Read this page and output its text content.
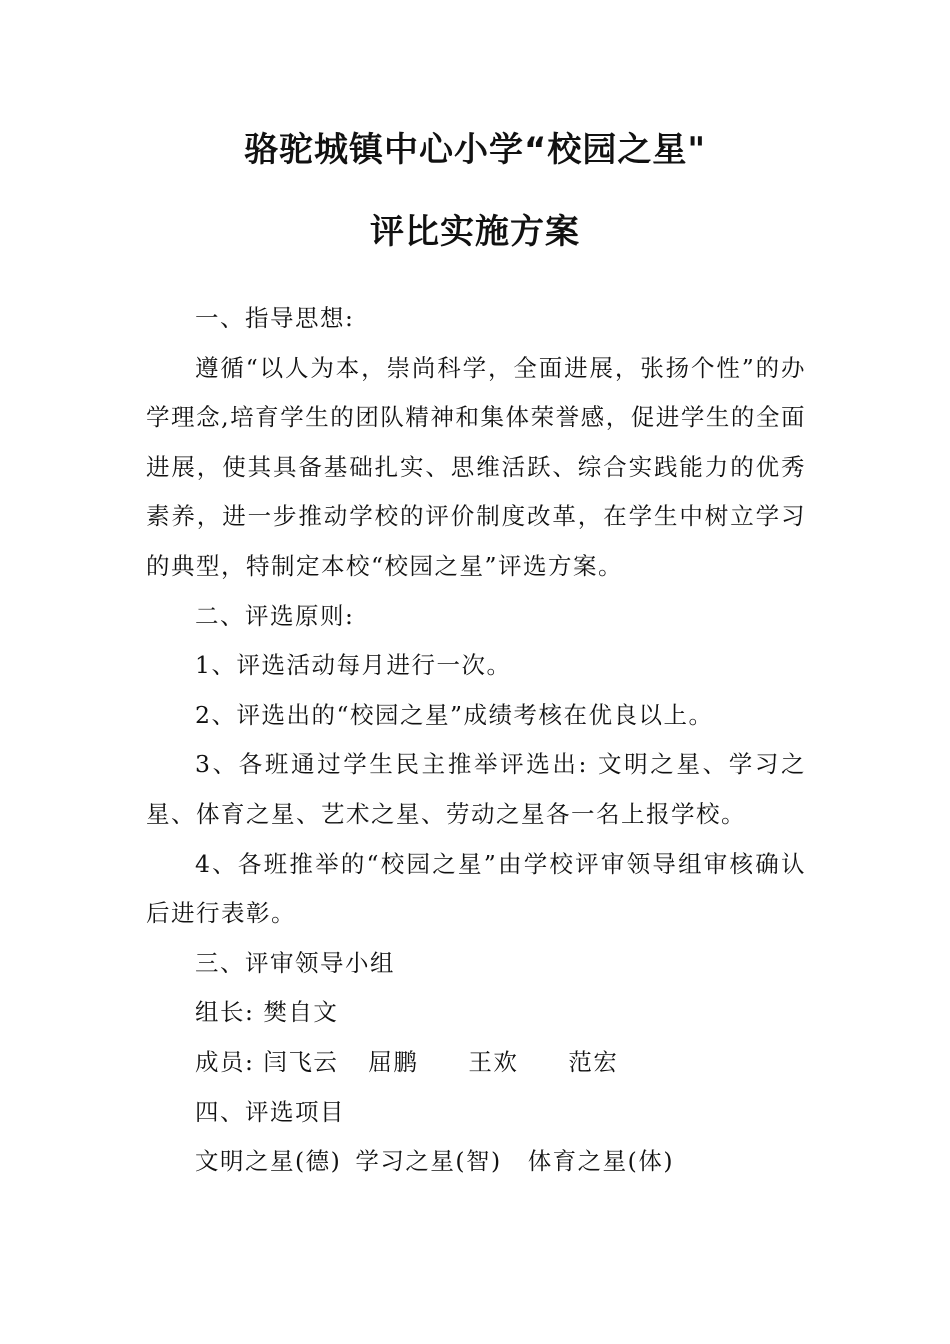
骆驼城镇中心小学“校园之星"
评比实施方案

一、指导思想:

遵循“以人为本，崇尚科学，全面进展，张扬个性”的办学理念,培育学生的团队精神和集体荣誉感，促进学生的全面进展，使其具备基础扎实、思维活跃、综合实践能力的优秀素养，进一步推动学校的评价制度改革，在学生中树立学习的典型，特制定本校“校园之星”评选方案。

二、评选原则:

1、评选活动每月进行一次。

2、评选出的“校园之星”成绩考核在优良以上。

3、各班通过学生民主推举评选出: 文明之星、学习之星、体育之星、艺术之星、劳动之星各一名上报学校。

4、各班推举的“校园之星”由学校评审领导组审核确认后进行表彰。

三、评审领导小组

组长: 樊自文

成员: 闫飞云 屈鹏 王欢 范宏

四、评选项目

文明之星(德) 学习之星(智) 体育之星(体)
